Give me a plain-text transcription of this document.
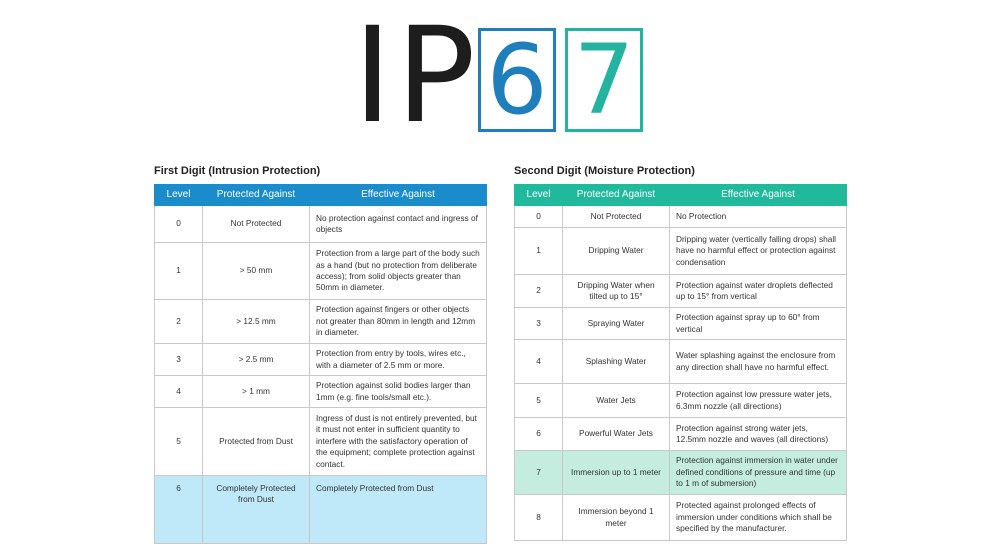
IP 6 7
First Digit (Intrusion Protection)	Second Digit (Moisture Protection)
Level	Protected Against	Effective Against
0	Not Protected	No protection against contact and ingress of objects
1	> 50 mm	Protection from a large part of the body such as a hand (but no protection from deliberate access); from solid objects greater than 50mm in diameter.
2	> 12.5 mm	Protection against fingers or other objects not greater than 80mm in length and 12mm in diameter.
3	> 2.5 mm	Protection from entry by tools, wires etc., with a diameter of 2.5 mm or more.
4	> 1 mm	Protection against solid bodies larger than 1mm (e.g. fine tools/small etc.).
5	Protected from Dust	Ingress of dust is not entirely prevented, but it must not enter in sufficient quantity to interfere with the satisfactory operation of the equipment; complete protection against contact.
6	Completely Protected from Dust	Completely Protected from Dust
Level	Protected Against	Effective Against
0	Not Protected	No Protection
1	Dripping Water	Dripping water (vertically falling drops) shall have no harmful effect or protection against condensation
2	Dripping Water when tilted up to 15°	Protection against water droplets deflected up to 15° from vertical
3	Spraying Water	Protection against spray up to 60° from vertical
4	Splashing Water	Water splashing against the enclosure from any direction shall have no harmful effect.
5	Water Jets	Protection against low pressure water jets, 6.3mm nozzle (all directions)
6	Powerful Water Jets	Protection against strong water jets, 12.5mm nozzle and waves (all directions)
7	Immersion up to 1 meter	Protection against immersion in water under defined conditions of pressure and time (up to 1 m of submersion)
8	Immersion beyond 1 meter	Protected against prolonged effects of immersion under conditions which shall be specified by the manufacturer.
